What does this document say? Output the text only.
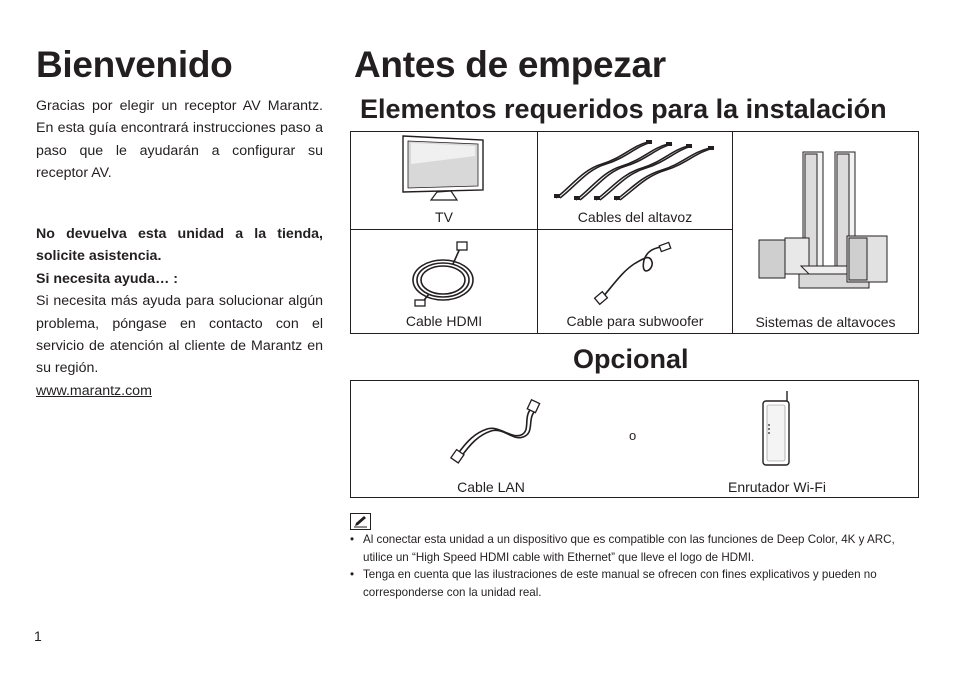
Bienvenido
Gracias por elegir un receptor AV Marantz. En esta guía encontrará instrucciones paso a paso que le ayudarán a configurar su receptor AV.
No devuelva esta unidad a la tienda, solicite asistencia.
Si necesita ayuda… :
Si necesita más ayuda para solucionar algún problema, póngase en contacto con el servicio de atención al cliente de Marantz en su región.
www.marantz.com
1
Antes de empezar
Elementos requeridos para la instalación
TV	Cables del altavoz
Cable HDMI	Cable para subwoofer	Sistemas de altavoces
Opcional
Cable LAN
o
Enrutador Wi-Fi
• Al conectar esta unidad a un dispositivo que es compatible con las funciones de Deep Color, 4K y ARC, utilice un “High Speed HDMI cable with Ethernet” que lleve el logo de HDMI.
• Tenga en cuenta que las ilustraciones de este manual se ofrecen con fines explicativos y pueden no corresponderse con la unidad real.
